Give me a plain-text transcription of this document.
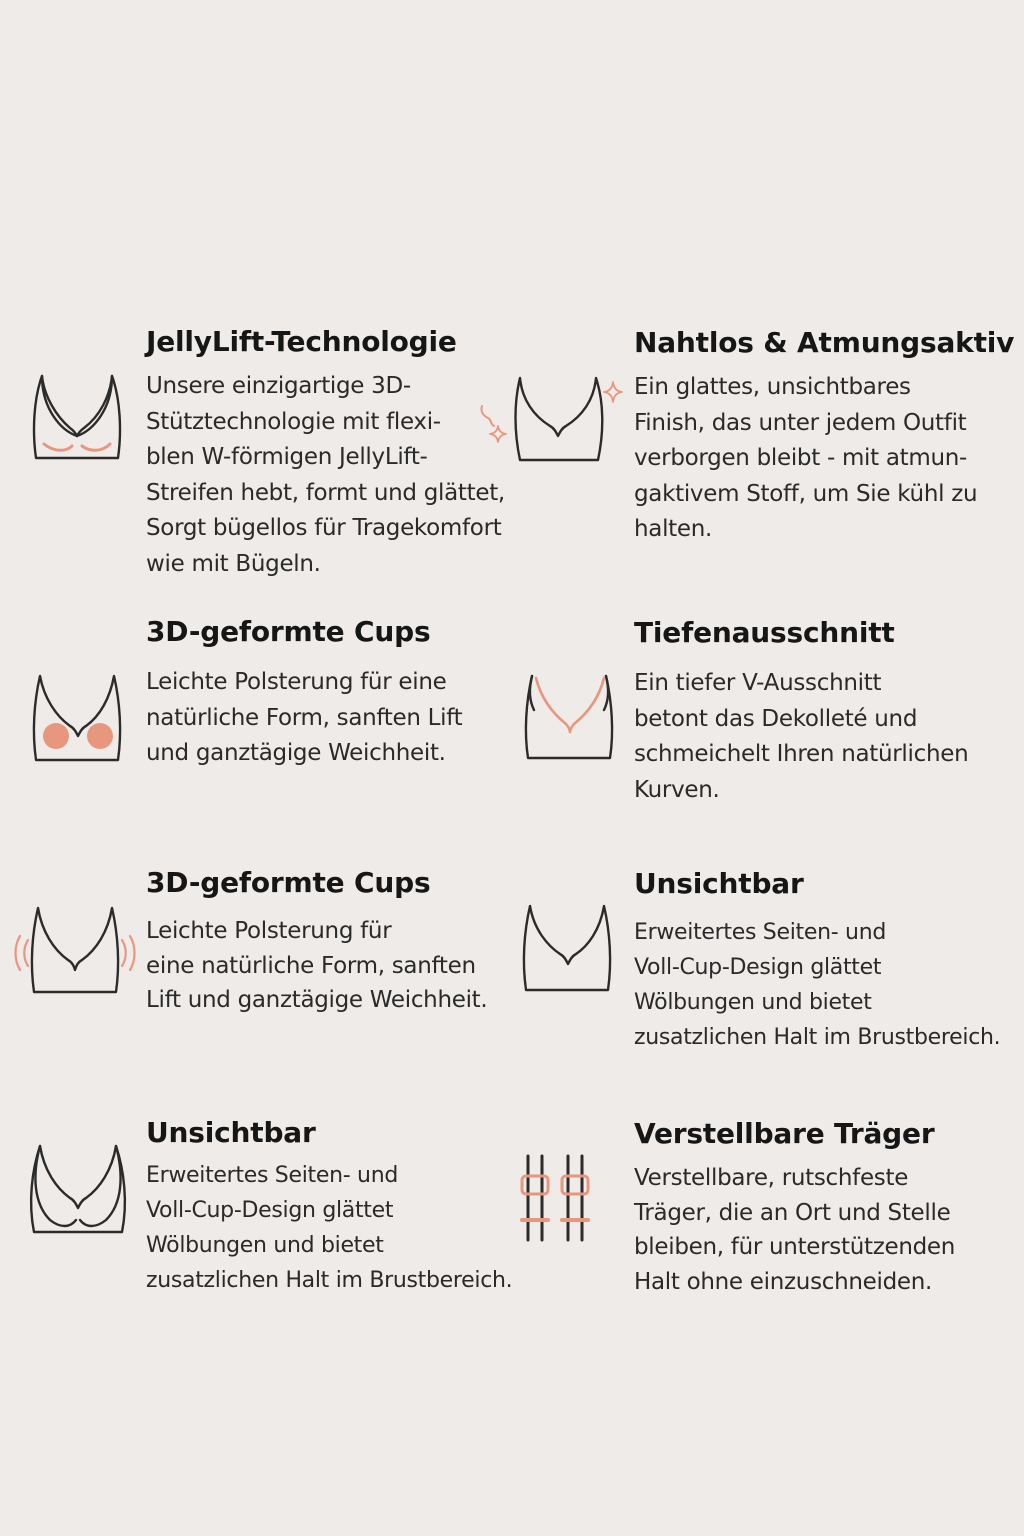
JellyLift-Technologie

Unsere einzigartige 3D-
Stütztechnologie mit flexi-
blen W-förmigen JellyLift-
Streifen hebt, formt und glättet,
Sorgt bügellos für Tragekomfort
wie mit Bügeln.

Nahtlos & Atmungsaktiv

Ein glattes, unsichtbares
Finish, das unter jedem Outfit
verborgen bleibt - mit atmun-
gaktivem Stoff, um Sie kühl zu
halten.

3D-geformte Cups

Leichte Polsterung für eine
natürliche Form, sanften Lift
und ganztägige Weichheit.

Tiefenausschnitt

Ein tiefer V-Ausschnitt
betont das Dekolleté und
schmeichelt Ihren natürlichen
Kurven.

3D-geformte Cups

Leichte Polsterung für
eine natürliche Form, sanften
Lift und ganztägige Weichheit.

Unsichtbar

Erweitertes Seiten- und
Voll-Cup-Design glättet
Wölbungen und bietet
zusatzlichen Halt im Brustbereich.

Unsichtbar

Erweitertes Seiten- und
Voll-Cup-Design glättet
Wölbungen und bietet
zusatzlichen Halt im Brustbereich.

Verstellbare Träger

Verstellbare, rutschfeste
Träger, die an Ort und Stelle
bleiben, für unterstützenden
Halt ohne einzuschneiden.
